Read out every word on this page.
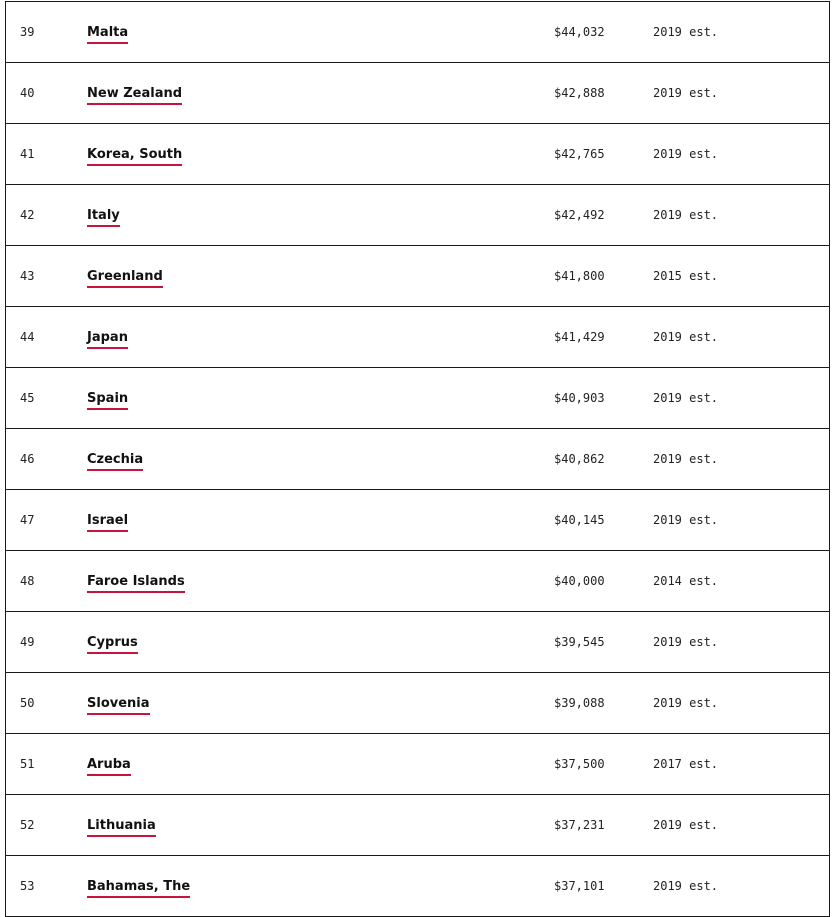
39	Malta	$44,032	2019 est.
40	New Zealand	$42,888	2019 est.
41	Korea, South	$42,765	2019 est.
42	Italy	$42,492	2019 est.
43	Greenland	$41,800	2015 est.
44	Japan	$41,429	2019 est.
45	Spain	$40,903	2019 est.
46	Czechia	$40,862	2019 est.
47	Israel	$40,145	2019 est.
48	Faroe Islands	$40,000	2014 est.
49	Cyprus	$39,545	2019 est.
50	Slovenia	$39,088	2019 est.
51	Aruba	$37,500	2017 est.
52	Lithuania	$37,231	2019 est.
53	Bahamas, The	$37,101	2019 est.
